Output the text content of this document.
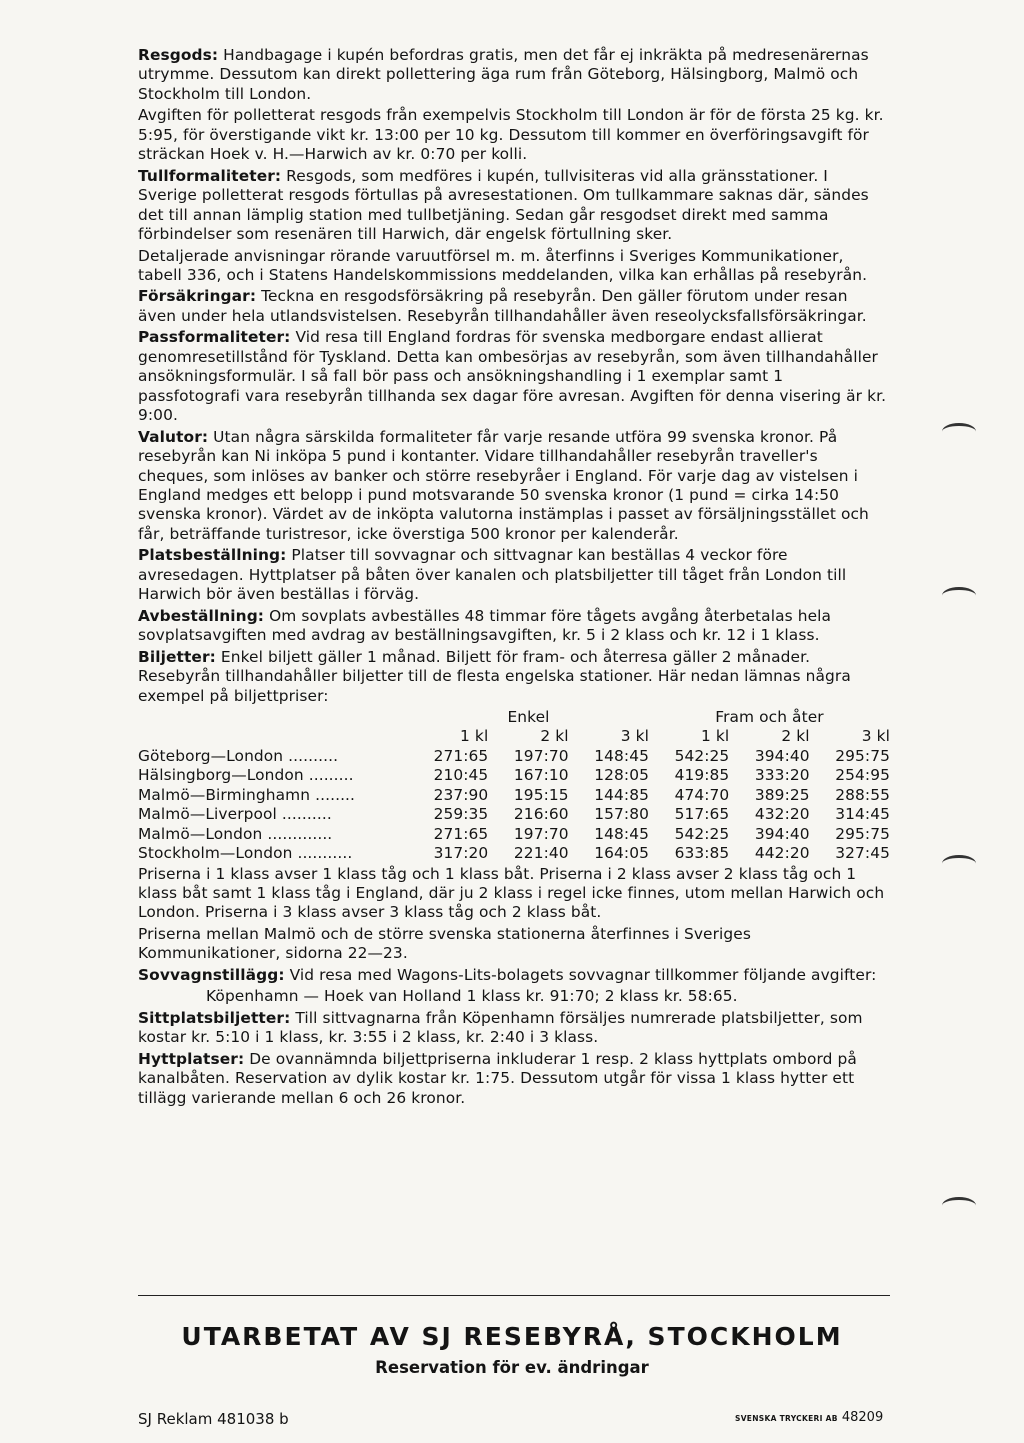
Resgods: Handbagage i kupén befordras gratis, men det får ej inkräkta på medresenärernas utrymme. Dessutom kan direkt pollettering äga rum från Göteborg, Hälsingborg, Malmö och Stockholm till London.
Avgiften för polletterat resgods från exempelvis Stockholm till London är för de första 25 kg. kr. 5:95, för överstigande vikt kr. 13:00 per 10 kg. Dessutom till kommer en överföringsavgift för sträckan Hoek v. H.—Harwich av kr. 0:70 per kolli.
Tullformaliteter: Resgods, som medföres i kupén, tullvisiteras vid alla gränsstationer. I Sverige polletterat resgods förtullas på avresestationen. Om tullkammare saknas där, sändes det till annan lämplig station med tullbetjäning. Sedan går resgodset direkt med samma förbindelser som resenären till Harwich, där engelsk förtullning sker.
Detaljerade anvisningar rörande varuutförsel m. m. återfinns i Sveriges Kommunikationer, tabell 336, och i Statens Handelskommissions meddelanden, vilka kan erhållas på resebyrån.
Försäkringar: Teckna en resgodsförsäkring på resebyrån. Den gäller förutom under resan även under hela utlandsvistelsen. Resebyrån tillhandahåller även reseolycksfallsförsäkringar.
Passformaliteter: Vid resa till England fordras för svenska medborgare endast allierat genomresetillstånd för Tyskland. Detta kan ombesörjas av resebyrån, som även tillhandahåller ansökningsformulär. I så fall bör pass och ansökningshandling i 1 exemplar samt 1 passfotografi vara resebyrån tillhanda sex dagar före avresan. Avgiften för denna visering är kr. 9:00.
Valutor: Utan några särskilda formaliteter får varje resande utföra 99 svenska kronor. På resebyrån kan Ni inköpa 5 pund i kontanter. Vidare tillhandahåller resebyrån traveller's cheques, som inlöses av banker och större resebyråer i England. För varje dag av vistelsen i England medges ett belopp i pund motsvarande 50 svenska kronor (1 pund = cirka 14:50 svenska kronor). Värdet av de inköpta valutorna instämplas i passet av försäljningsstället och får, beträffande turistresor, icke överstiga 500 kronor per kalenderår.
Platsbeställning: Platser till sovvagnar och sittvagnar kan beställas 4 veckor före avresedagen. Hyttplatser på båten över kanalen och platsbiljetter till tåget från London till Harwich bör även beställas i förväg.
Avbeställning: Om sovplats avbeställes 48 timmar före tågets avgång återbetalas hela sovplatsavgiften med avdrag av beställningsavgiften, kr. 5 i 2 klass och kr. 12 i 1 klass.
Biljetter: Enkel biljett gäller 1 månad. Biljett för fram- och återresa gäller 2 månader. Resebyrån tillhandahåller biljetter till de flesta engelska stationer. Här nedan lämnas några exempel på biljettpriser:
	Enkel			Fram och åter		
	1 kl	2 kl	3 kl	1 kl	2 kl	3 kl
Göteborg—London ..........	271:65	197:70	148:45	542:25	394:40	295:75
Hälsingborg—London .........	210:45	167:10	128:05	419:85	333:20	254:95
Malmö—Birminghamn ........	237:90	195:15	144:85	474:70	389:25	288:55
Malmö—Liverpool ..........	259:35	216:60	157:80	517:65	432:20	314:45
Malmö—London .............	271:65	197:70	148:45	542:25	394:40	295:75
Stockholm—London ...........	317:20	221:40	164:05	633:85	442:20	327:45
Priserna i 1 klass avser 1 klass tåg och 1 klass båt. Priserna i 2 klass avser 2 klass tåg och 1 klass båt samt 1 klass tåg i England, där ju 2 klass i regel icke finnes, utom mellan Harwich och London. Priserna i 3 klass avser 3 klass tåg och 2 klass båt.
Priserna mellan Malmö och de större svenska stationerna återfinnes i Sveriges Kommunikationer, sidorna 22—23.
Sovvagnstillägg: Vid resa med Wagons-Lits-bolagets sovvagnar tillkommer följande avgifter:
Köpenhamn — Hoek van Holland 1 klass kr. 91:70; 2 klass kr. 58:65.
Sittplatsbiljetter: Till sittvagnarna från Köpenhamn försäljes numrerade platsbiljetter, som kostar kr. 5:10 i 1 klass, kr. 3:55 i 2 klass, kr. 2:40 i 3 klass.
Hyttplatser: De ovannämnda biljettpriserna inkluderar 1 resp. 2 klass hyttplats ombord på kanalbåten. Reservation av dylik kostar kr. 1:75. Dessutom utgår för vissa 1 klass hytter ett tillägg varierande mellan 6 och 26 kronor.
UTARBETAT AV SJ RESEBYRÅ, STOCKHOLM
Reservation för ev. ändringar
SJ Reklam 481038 b	SVENSKA TRYCKERI AB 48209
